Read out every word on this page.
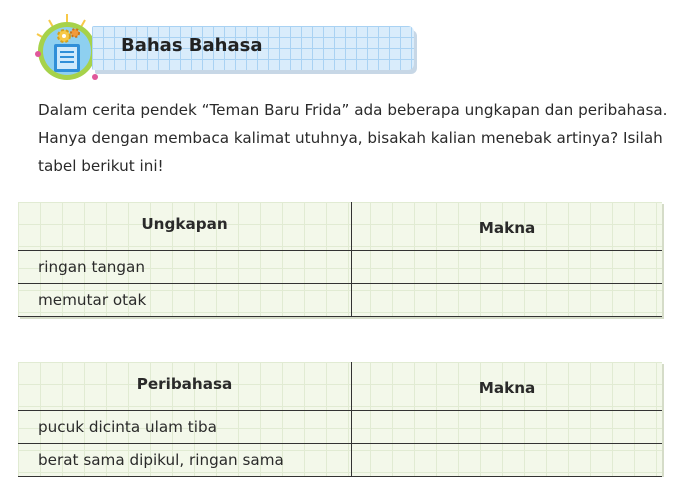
Bahas Bahasa

Dalam cerita pendek “Teman Baru Frida” ada beberapa ungkapan dan peribahasa. Hanya dengan membaca kalimat utuhnya, bisakah kalian menebak artinya? Isilah tabel berikut ini!

Ungkapan	Makna
ringan tangan	
memutar otak	
Peribahasa	Makna
pucuk dicinta ulam tiba	
berat sama dipikul, ringan sama	
